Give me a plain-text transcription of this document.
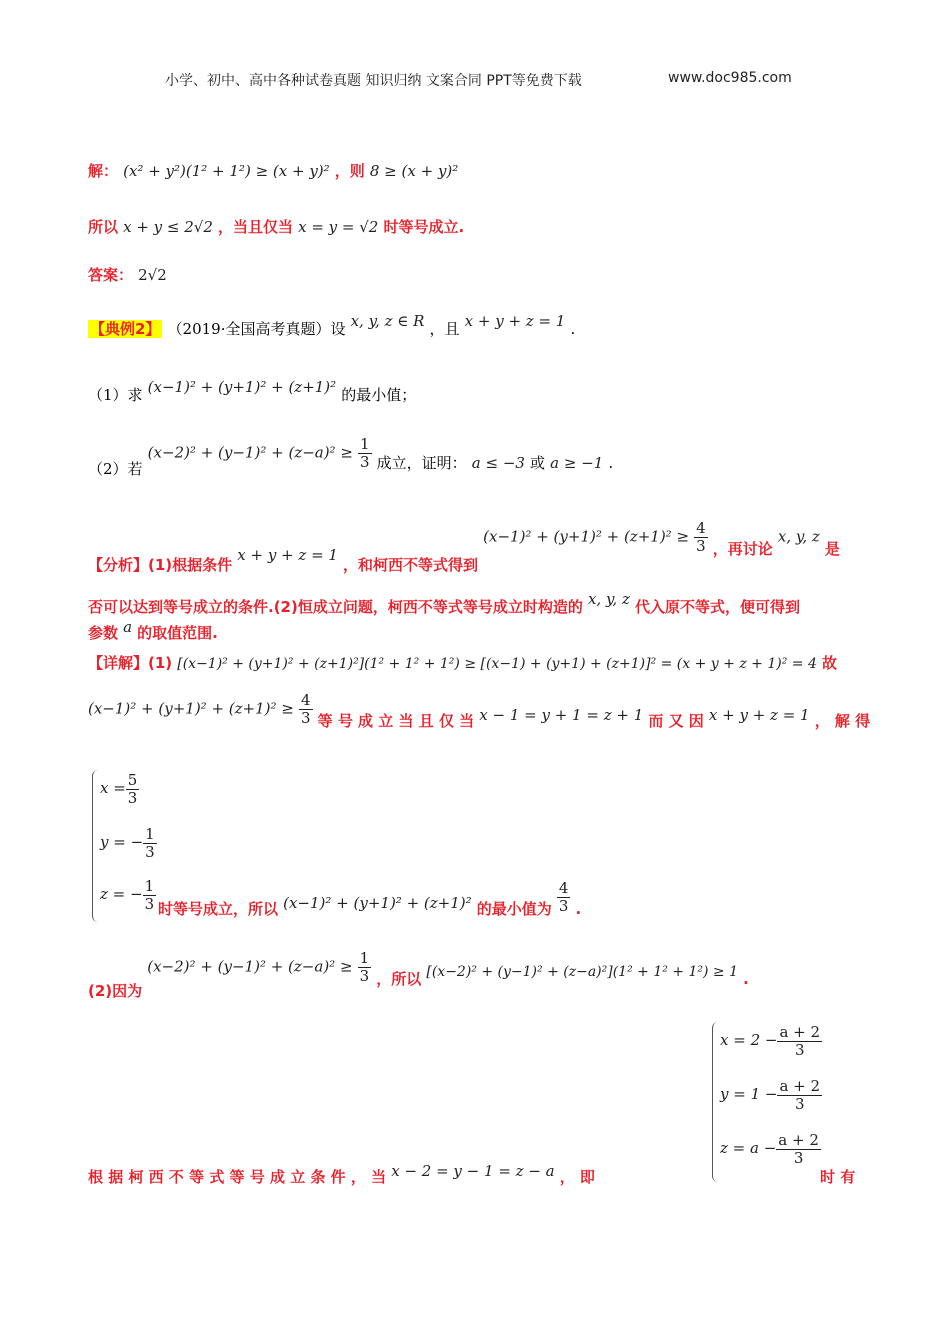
小学、初中、高中各种试卷真题 知识归纳 文案合同 PPT等免费下载	www.doc985.com
解： (x² + y²)(1² + 1²) ≥ (x + y)² ，则 8 ≥ (x + y)²
所以 x + y ≤ 2√2 ，当且仅当 x = y = √2 时等号成立.
答案： 2√2
【典例2】 （2019·全国高考真题）设 x, y, z ∈ R ，且 x + y + z = 1 .
（1）求 (x−1)² + (y+1)² + (z+1)² 的最小值；
（2）若 $(x-2)^2 + (y-1)^2 + (z-a)^2 \ge \frac{1}{3}$ 成立，证明： a ≤ −3 或 a ≥ −1 .
【分析】(1)根据条件 x + y + z = 1 ，和柯西不等式得到 $(x-1)^2 + (y+1)^2 + (z+1)^2 \ge \frac{4}{3}$ ，再讨论 x, y, z 是
否可以达到等号成立的条件.(2)恒成立问题，柯西不等式等号成立时构造的 x, y, z 代入原不等式，便可得到
参数 a 的取值范围.
【详解】(1) [(x−1)² + (y+1)² + (z+1)²](1² + 1² + 1²) ≥ [(x−1) + (y+1) + (z+1)]² = (x + y + z + 1)² = 4 故
$(x-1)^2 + (y+1)^2 + (z+1)^2 \ge \frac{4}{3}$ 等 号 成 立 当 且 仅 当 x − 1 = y + 1 = z + 1 而 又 因 x + y + z = 1 ， 解 得
$x = \frac{5}{3}$
y = − $\frac{1}{3}$
z = − $\frac{1}{3}$ 时等号成立，所以 (x−1)² + (y+1)² + (z+1)² 的最小值为 $\frac{4}{3}$ .
(2)因为 $(x-2)^2 + (y-1)^2 + (z-a)^2 \ge \frac{1}{3}$ ，所以 [(x−2)² + (y−1)² + (z−a)²](1² + 1² + 1²) ≥ 1 .
$x = 2 - \frac{a + 2}{3}$
$y = 1 - \frac{a + 2}{3}$
$z = a - \frac{a + 2}{3}$
根 据 柯 西 不 等 式 等 号 成 立 条 件 ， 当 x − 2 = y − 1 = z − a ， 即	时 有
